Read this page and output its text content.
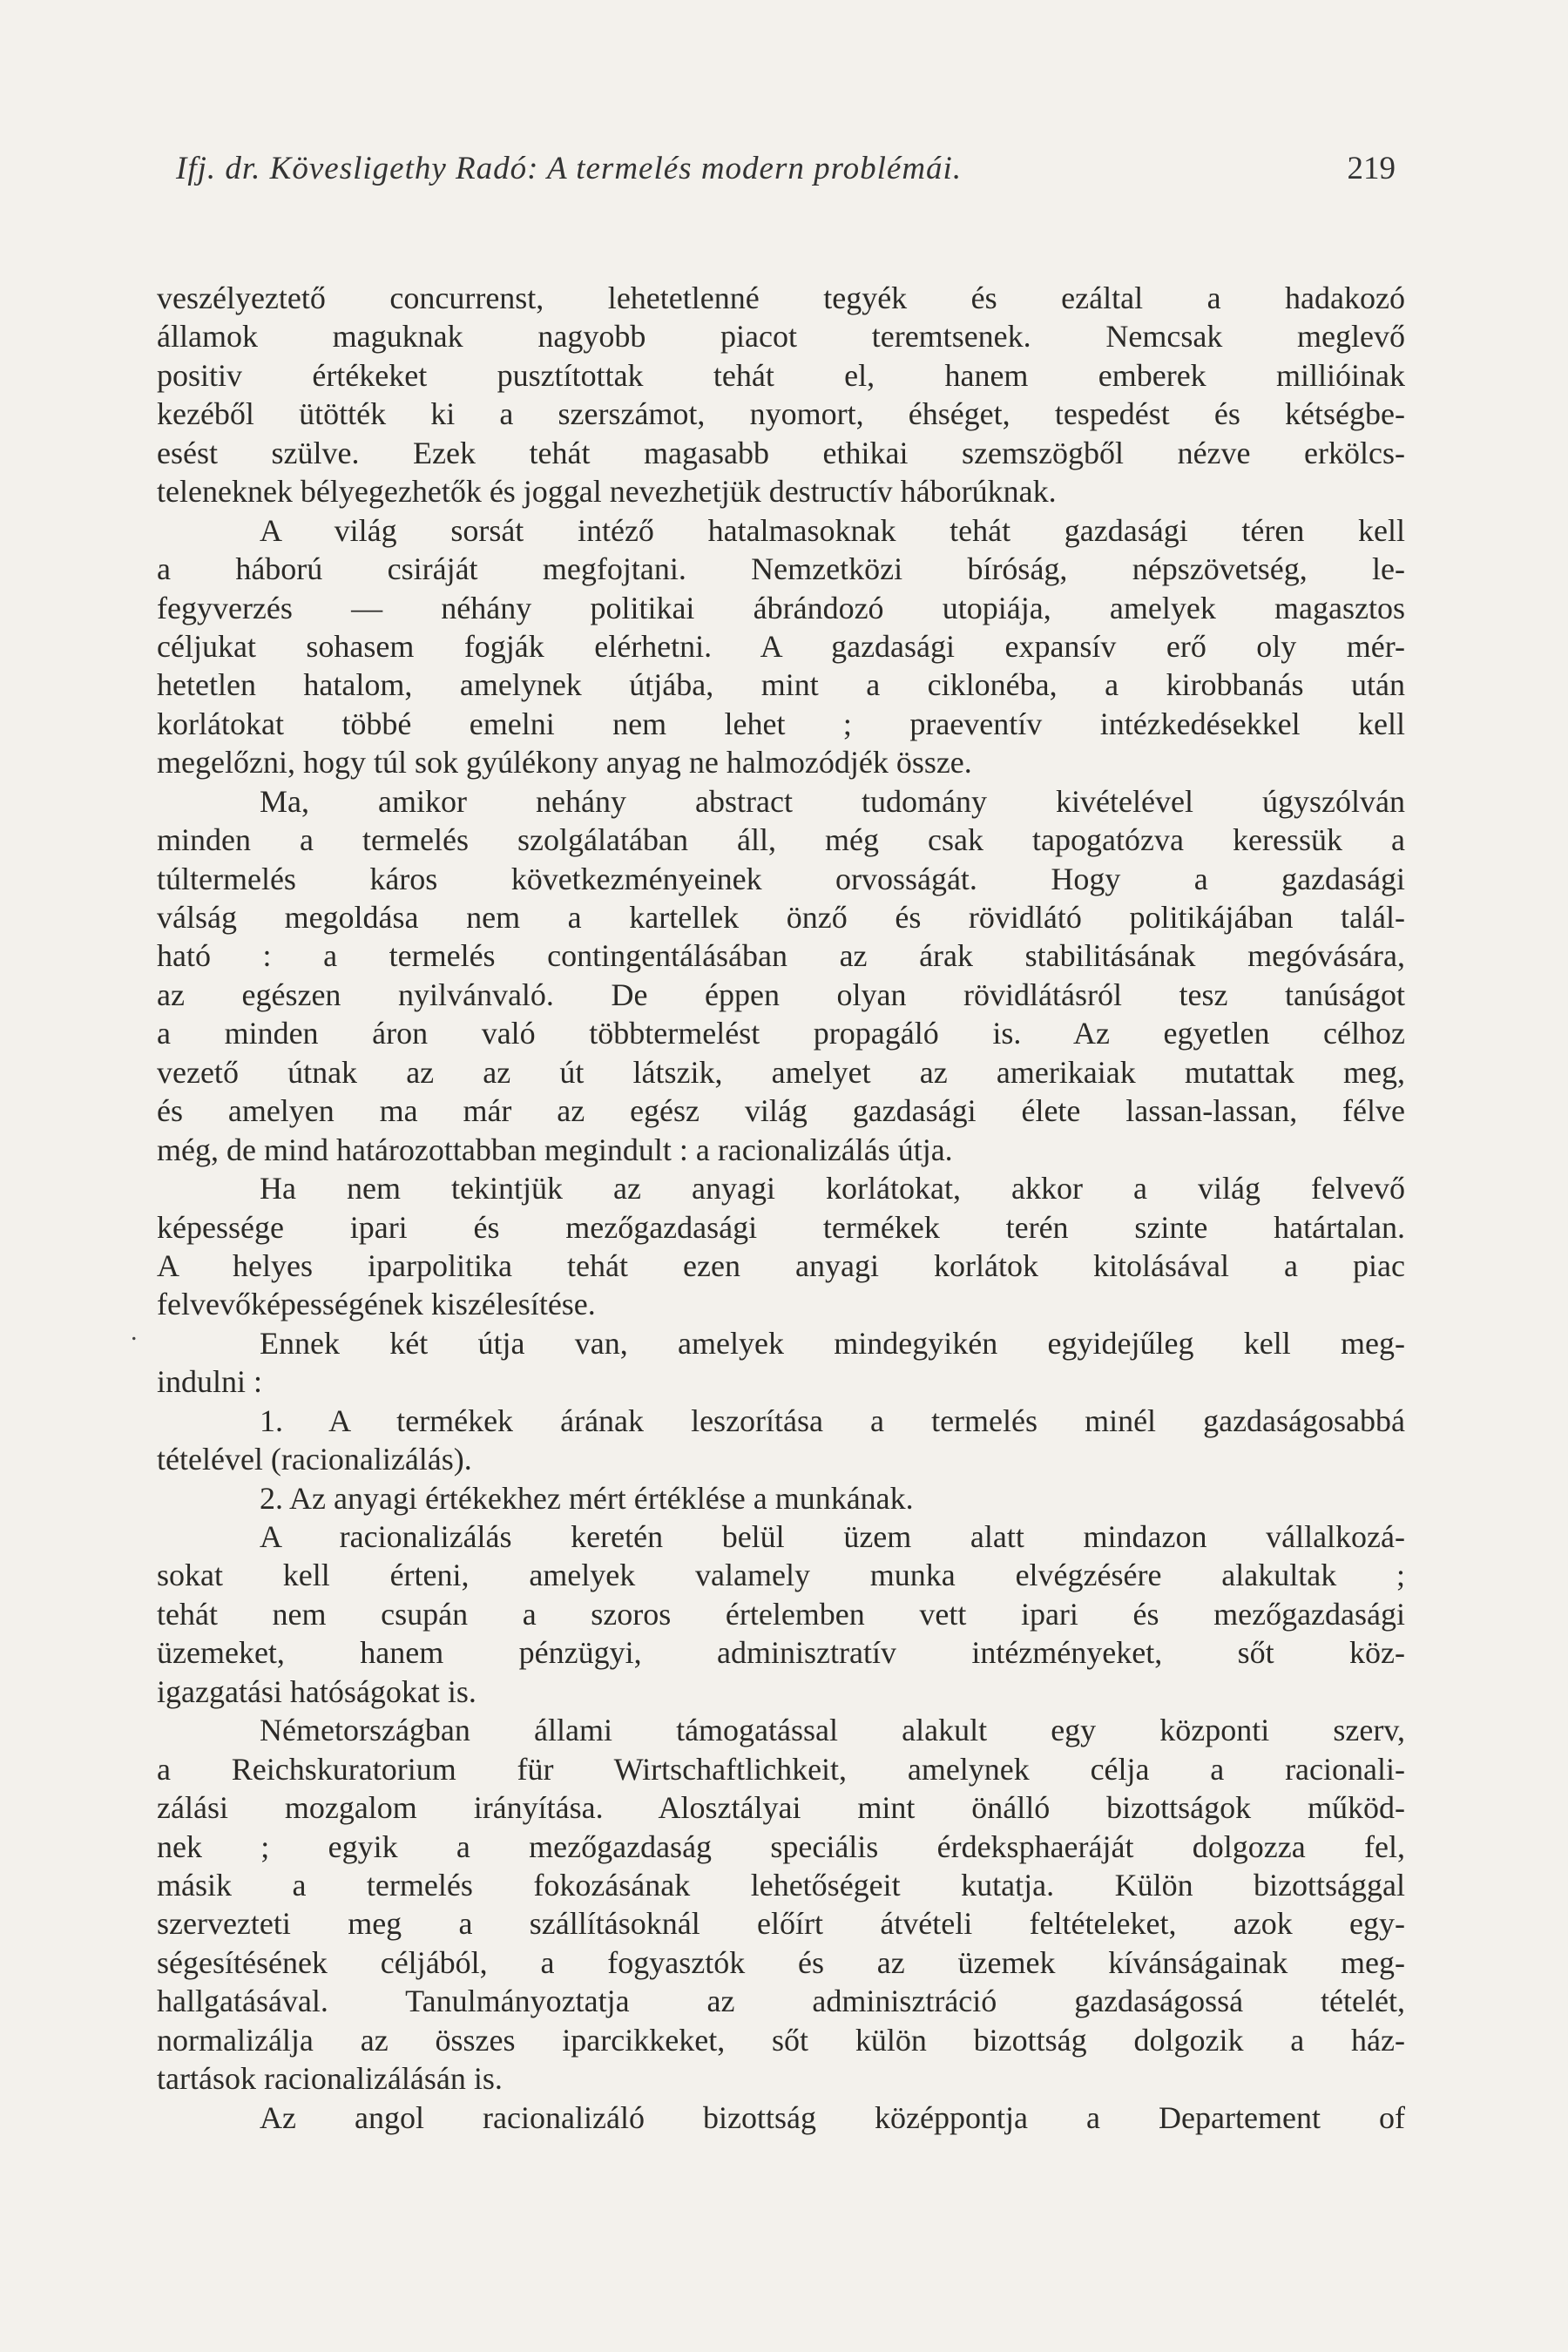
Ifj. dr. Kövesligethy Radó: A termelés modern problémái.	219
.
veszélyeztető concurrenst, lehetetlenné tegyék és ezáltal a hadakozó
államok maguknak nagyobb piacot teremtsenek. Nemcsak meglevő
positiv értékeket pusztítottak tehát el, hanem emberek millióinak
kezéből ütötték ki a szerszámot, nyomort, éhséget, tespedést és kétségbe-
esést szülve. Ezek tehát magasabb ethikai szemszögből nézve erkölcs-
teleneknek bélyegezhetők és joggal nevezhetjük destructív háborúknak.
A világ sorsát intéző hatalmasoknak tehát gazdasági téren kell
a háború csiráját megfojtani. Nemzetközi bíróság, népszövetség, le-
fegyverzés — néhány politikai ábrándozó utopiája, amelyek magasztos
céljukat sohasem fogják elérhetni. A gazdasági expansív erő oly mér-
hetetlen hatalom, amelynek útjába, mint a ciklonéba, a kirobbanás után
korlátokat többé emelni nem lehet ; praeventív intézkedésekkel kell
megelőzni, hogy túl sok gyúlékony anyag ne halmozódjék össze.
Ma, amikor nehány abstract tudomány kivételével úgyszólván
minden a termelés szolgálatában áll, még csak tapogatózva keressük a
túltermelés káros következményeinek orvosságát. Hogy a gazdasági
válság megoldása nem a kartellek önző és rövidlátó politikájában talál-
ható : a termelés contingentálásában az árak stabilitásának megóvására,
az egészen nyilvánvaló. De éppen olyan rövidlátásról tesz tanúságot
a minden áron való többtermelést propagáló is. Az egyetlen célhoz
vezető útnak az az út látszik, amelyet az amerikaiak mutattak meg,
és amelyen ma már az egész világ gazdasági élete lassan-lassan, félve
még, de mind határozottabban megindult : a racionalizálás útja.
Ha nem tekintjük az anyagi korlátokat, akkor a világ felvevő
képessége ipari és mezőgazdasági termékek terén szinte határtalan.
A helyes iparpolitika tehát ezen anyagi korlátok kitolásával a piac
felvevőképességének kiszélesítése.
Ennek két útja van, amelyek mindegyikén egyidejűleg kell meg-
indulni :
1. A termékek árának leszorítása a termelés minél gazdaságosabbá
tételével (racionalizálás).
2. Az anyagi értékekhez mért értéklése a munkának.
A racionalizálás keretén belül üzem alatt mindazon vállalkozá-
sokat kell érteni, amelyek valamely munka elvégzésére alakultak ;
tehát nem csupán a szoros értelemben vett ipari és mezőgazdasági
üzemeket, hanem pénzügyi, adminisztratív intézményeket, sőt köz-
igazgatási hatóságokat is.
Németországban állami támogatással alakult egy központi szerv,
a Reichskuratorium für Wirtschaftlichkeit, amelynek célja a racionali-
zálási mozgalom irányítása. Alosztályai mint önálló bizottságok működ-
nek ; egyik a mezőgazdaság speciális érdeksphaeráját dolgozza fel,
másik a termelés fokozásának lehetőségeit kutatja. Külön bizottsággal
szervezteti meg a szállításoknál előírt átvételi feltételeket, azok egy-
ségesítésének céljából, a fogyasztók és az üzemek kívánságainak meg-
hallgatásával. Tanulmányoztatja az adminisztráció gazdaságossá tételét,
normalizálja az összes iparcikkeket, sőt külön bizottság dolgozik a ház-
tartások racionalizálásán is.
Az angol racionalizáló bizottság középpontja a Departement of
